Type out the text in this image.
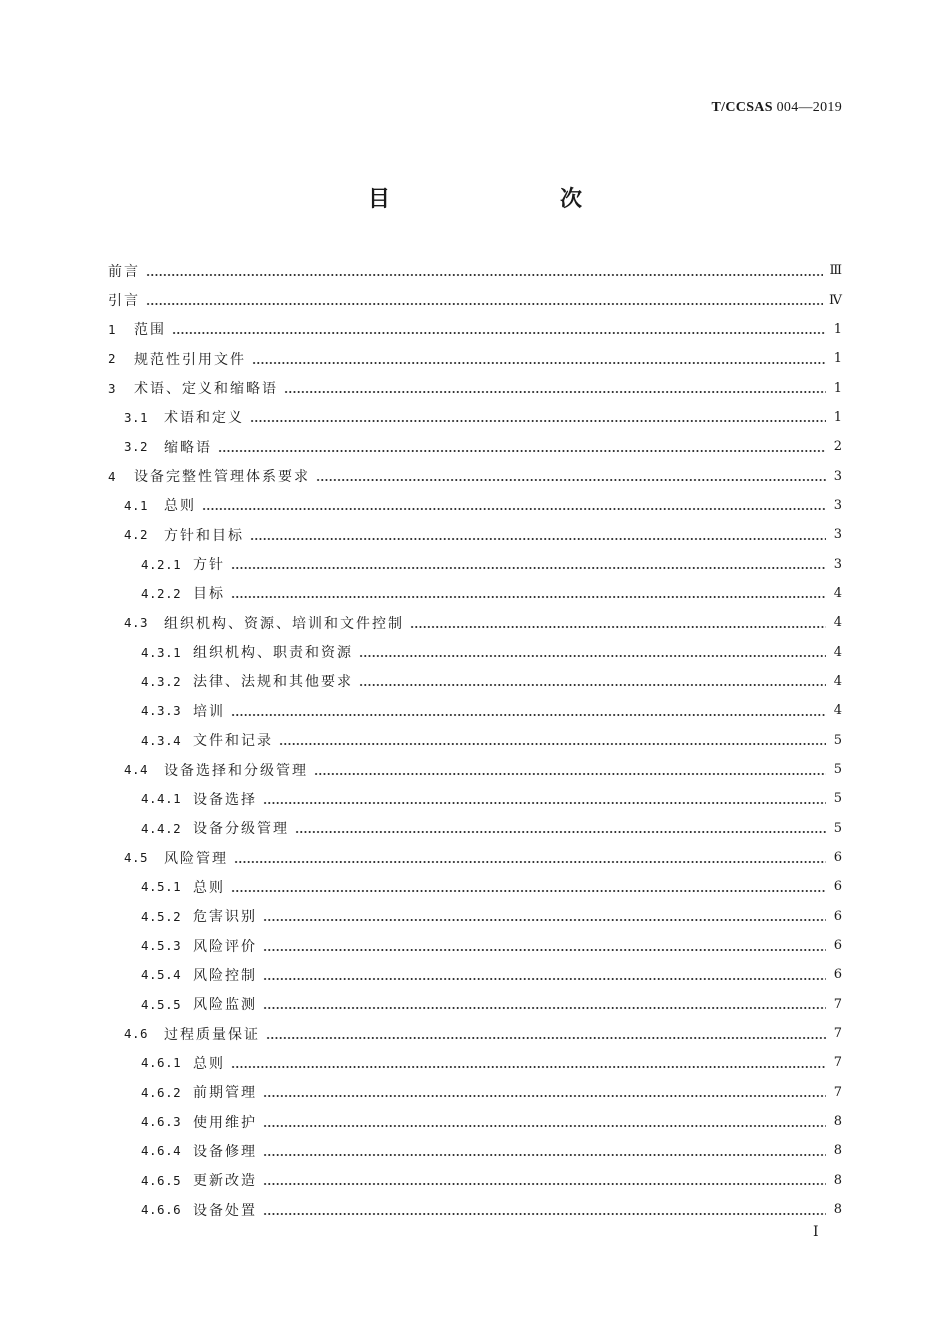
T/CCSAS 004—2019
目　　次
前言	Ⅲ
引言	Ⅳ
1	范围	1
2	规范性引用文件	1
3	术语、定义和缩略语	1
3.1	术语和定义	1
3.2	缩略语	2
4	设备完整性管理体系要求	3
4.1	总则	3
4.2	方针和目标	3
4.2.1 方针	3
4.2.2 目标	4
4.3	组织机构、资源、培训和文件控制	4
4.3.1 组织机构、职责和资源	4
4.3.2 法律、法规和其他要求	4
4.3.3 培训	4
4.3.4 文件和记录	5
4.4	设备选择和分级管理	5
4.4.1 设备选择	5
4.4.2 设备分级管理	5
4.5	风险管理	6
4.5.1 总则	6
4.5.2 危害识别	6
4.5.3 风险评价	6
4.5.4 风险控制	6
4.5.5 风险监测	7
4.6	过程质量保证	7
4.6.1 总则	7
4.6.2 前期管理	7
4.6.3 使用维护	8
4.6.4 设备修理	8
4.6.5 更新改造	8
4.6.6 设备处置	8
I
